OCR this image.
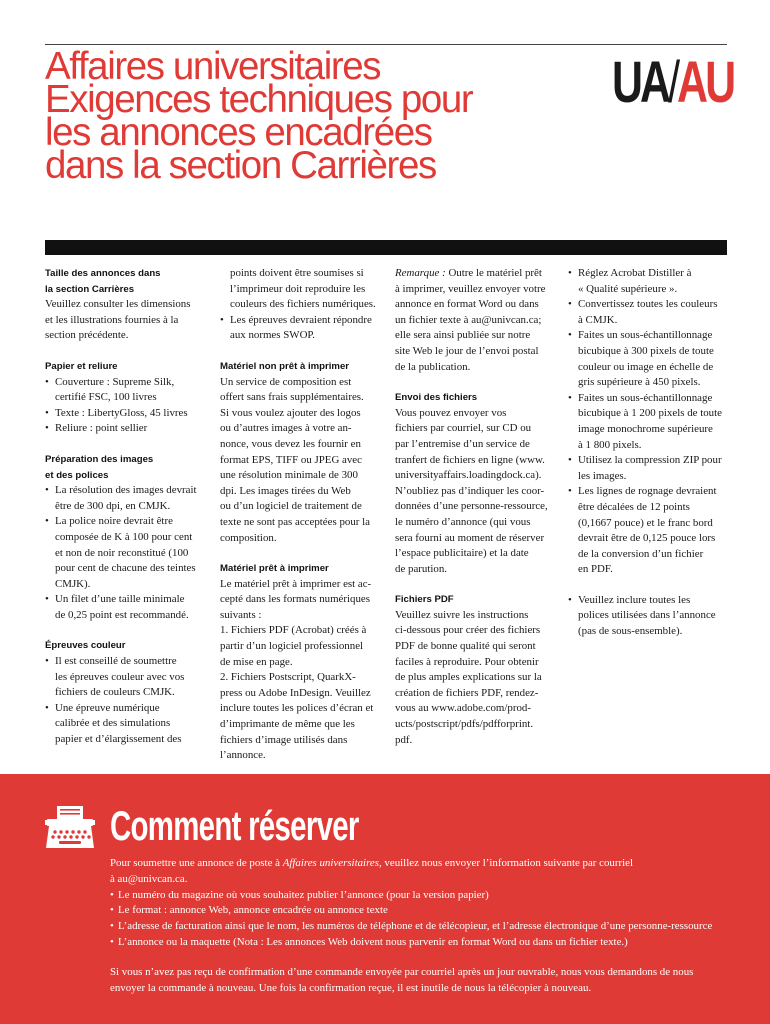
Affaires universitaires
Exigences techniques pour
les annonces encadrées
dans la section Carrières
UA/AU
Taille des annonces dans
la section Carrières

Veuillez consulter les dimensions

et les illustrations fournies à la

section précédente.

Papier et reliure

• Couverture : Supreme Silk,

certifié FSC, 100 livres

• Texte : LibertyGloss, 45 livres

• Reliure : point sellier

Préparation des images
et des polices

• La résolution des images devrait

être de 300 dpi, en CMJK.

• La police noire devrait être

composée de K à 100 pour cent

et non de noir reconstitué (100

pour cent de chacune des teintes

CMJK).

• Un filet d’une taille minimale

de 0,25 point est recommandé.

Épreuves couleur

• Il est conseillé de soumettre

les épreuves couleur avec vos

fichiers de couleurs CMJK.

• Une épreuve numérique

calibrée et des simulations

papier et d’élargissement des

points doivent être soumises si

l’imprimeur doit reproduire les

couleurs des fichiers numériques.

• Les épreuves devraient répondre

aux normes SWOP.

Matériel non prêt à imprimer

Un service de composition est

offert sans frais supplémentaires.

Si vous voulez ajouter des logos

ou d’autres images à votre an-

nonce, vous devez les fournir en

format EPS, TIFF ou JPEG avec

une résolution minimale de 300

dpi. Les images tirées du Web

ou d’un logiciel de traitement de

texte ne sont pas acceptées pour la

composition.

Matériel prêt à imprimer

Le matériel prêt à imprimer est ac-

cepté dans les formats numériques

suivants :

1. Fichiers PDF (Acrobat) créés à

partir d’un logiciel professionnel

de mise en page.

2. Fichiers Postscript, QuarkX-

press ou Adobe InDesign. Veuillez

inclure toutes les polices d’écran et

d’imprimante de même que les

fichiers d’image utilisés dans

l’annonce.

Remarque : Outre le matériel prêt

à imprimer, veuillez envoyer votre

annonce en format Word ou dans

un fichier texte à au@univcan.ca;

elle sera ainsi publiée sur notre

site Web le jour de l’envoi postal

de la publication.

Envoi des fichiers

Vous pouvez envoyer vos

fichiers par courriel, sur CD ou

par l’entremise d’un service de

tranfert de fichiers en ligne (www.

universityaffairs.loadingdock.ca).

N’oubliez pas d’indiquer les coor-

données d’une personne-ressource,

le numéro d’annonce (qui vous

sera fourni au moment de réserver

l’espace publicitaire) et la date

de parution.

Fichiers PDF

Veuillez suivre les instructions

ci-dessous pour créer des fichiers

PDF de bonne qualité qui seront

faciles à reproduire. Pour obtenir

de plus amples explications sur la

création de fichiers PDF, rendez-

vous au www.adobe.com/prod-

ucts/postscript/pdfs/pdfforprint.

pdf.

• Réglez Acrobat Distiller à

« Qualité supérieure ».

• Convertissez toutes les couleurs

à CMJK.

• Faites un sous-échantillonnage

bicubique à 300 pixels de toute

couleur ou image en échelle de

gris supérieure à 450 pixels.

• Faites un sous-échantillonnage

bicubique à 1 200 pixels de toute

image monochrome supérieure

à 1 800 pixels.

• Utilisez la compression ZIP pour

les images.

• Les lignes de rognage devraient

être décalées de 12 points

(0,1667 pouce) et le franc bord

devrait être de 0,125 pouce lors

de la conversion d’un fichier

en PDF.

• Veuillez inclure toutes les

polices utilisées dans l’annonce

(pas de sous-ensemble).

Comment réserver

Pour soumettre une annonce de poste à Affaires universitaires, veuillez nous envoyer l’information suivante par courriel

à au@univcan.ca.

• Le numéro du magazine où vous souhaitez publier l’annonce (pour la version papier)

• Le format : annonce Web, annonce encadrée ou annonce texte

• L’adresse de facturation ainsi que le nom, les numéros de téléphone et de télécopieur, et l’adresse électronique d’une personne-ressource

• L’annonce ou la maquette (Nota : Les annonces Web doivent nous parvenir en format Word ou dans un fichier texte.)

Si vous n’avez pas reçu de confirmation d’une commande envoyée par courriel après un jour ouvrable, nous vous demandons de nous

envoyer la commande à nouveau. Une fois la confirmation reçue, il est inutile de nous la télécopier à nouveau.
